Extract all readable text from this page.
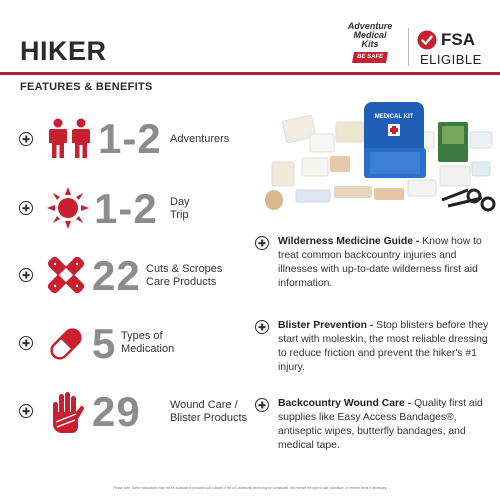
HIKER
Adventure
Medical
Kits
BE SAFE
FSA
ELIGIBLE
FEATURES & BENEFITS
1-2 Adventurers
1-2 Day
Trip
22 Cuts & Scropes
Care Products
5 Types of
Medication
29	Wound Care /
Blister Products
MEDICAL KIT
Wilderness Medicine Guide - Know how to treat common backcountry injuries and illnesses with up-to-date wilderness first aid information.
Blister Prevention - Stop blisters before they start with moleskin, the most reliable dressing to reduce friction and prevent the hiker's #1 injury.
Backcountry Wound Care - Quality first aid supplies like Easy Access Bandages®, antiseptic wipes, butterfly bandages, and medical tape.
Please note: Some medications may not be available in products sold outside of the US; additional items may be substituted. We reserve the right to add, substitute, or remove items if necessary.
